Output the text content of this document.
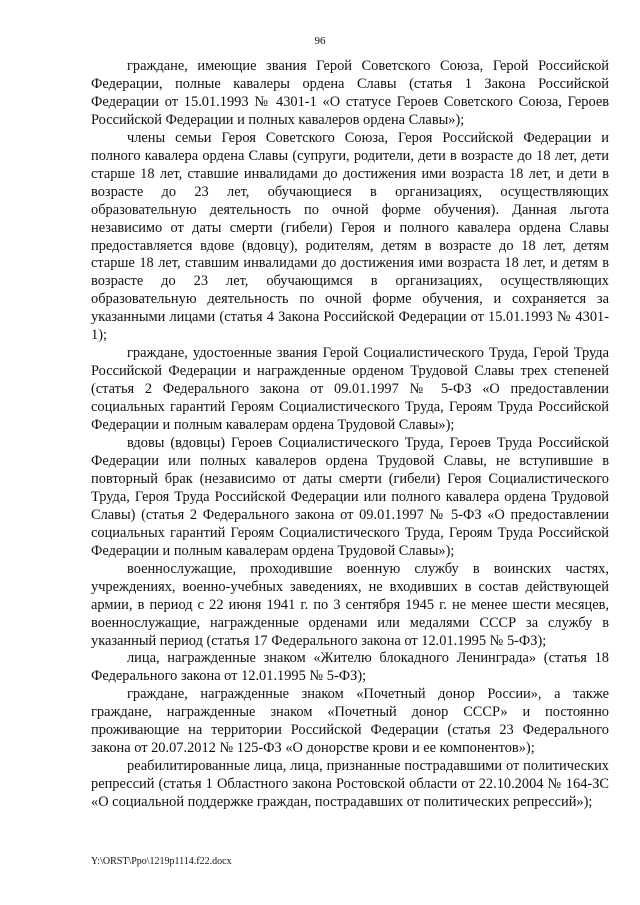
96

граждане, имеющие звания Герой Советского Союза, Герой Российской Федерации, полные кавалеры ордена Славы (статья 1 Закона Российской Федерации от 15.01.1993 № 4301-1 «О статусе Героев Советского Союза, Героев Российской Федерации и полных кавалеров ордена Славы»);

члены семьи Героя Советского Союза, Героя Российской Федерации и полного кавалера ордена Славы (супруги, родители, дети в возрасте до 18 лет, дети старше 18 лет, ставшие инвалидами до достижения ими возраста 18 лет, и дети в возрасте до 23 лет, обучающиеся в организациях, осуществляющих образовательную деятельность по очной форме обучения). Данная льгота независимо от даты смерти (гибели) Героя и полного кавалера ордена Славы предоставляется вдове (вдовцу), родителям, детям в возрасте до 18 лет, детям старше 18 лет, ставшим инвалидами до достижения ими возраста 18 лет, и детям в возрасте до 23 лет, обучающимся в организациях, осуществляющих образовательную деятельность по очной форме обучения, и сохраняется за указанными лицами (статья 4 Закона Российской Федерации от 15.01.1993 № 4301-1);

граждане, удостоенные звания Герой Социалистического Труда, Герой Труда Российской Федерации и награжденные орденом Трудовой Славы трех степеней (статья 2 Федерального закона от 09.01.1997 № 5-ФЗ «О предоставлении социальных гарантий Героям Социалистического Труда, Героям Труда Российской Федерации и полным кавалерам ордена Трудовой Славы»);

вдовы (вдовцы) Героев Социалистического Труда, Героев Труда Российской Федерации или полных кавалеров ордена Трудовой Славы, не вступившие в повторный брак (независимо от даты смерти (гибели) Героя Социалистического Труда, Героя Труда Российской Федерации или полного кавалера ордена Трудовой Славы) (статья 2 Федерального закона от 09.01.1997 № 5-ФЗ «О предоставлении социальных гарантий Героям Социалистического Труда, Героям Труда Российской Федерации и полным кавалерам ордена Трудовой Славы»);

военнослужащие, проходившие военную службу в воинских частях, учреждениях, военно-учебных заведениях, не входивших в состав действующей армии, в период с 22 июня 1941 г. по 3 сентября 1945 г. не менее шести месяцев, военнослужащие, награжденные орденами или медалями СССР за службу в указанный период (статья 17 Федерального закона от 12.01.1995 № 5-ФЗ);

лица, награжденные знаком «Жителю блокадного Ленинграда» (статья 18 Федерального закона от 12.01.1995 № 5-ФЗ);

граждане, награжденные знаком «Почетный донор России», а также граждане, награжденные знаком «Почетный донор СССР» и постоянно проживающие на территории Российской Федерации (статья 23 Федерального закона от 20.07.2012 № 125-ФЗ «О донорстве крови и ее компонентов»);

реабилитированные лица, лица, признанные пострадавшими от политических репрессий (статья 1 Областного закона Ростовской области от 22.10.2004 № 164-ЗС «О социальной поддержке граждан, пострадавших от политических репрессий»);

Y:\ORST\Ppo\1219p1114.f22.docx
